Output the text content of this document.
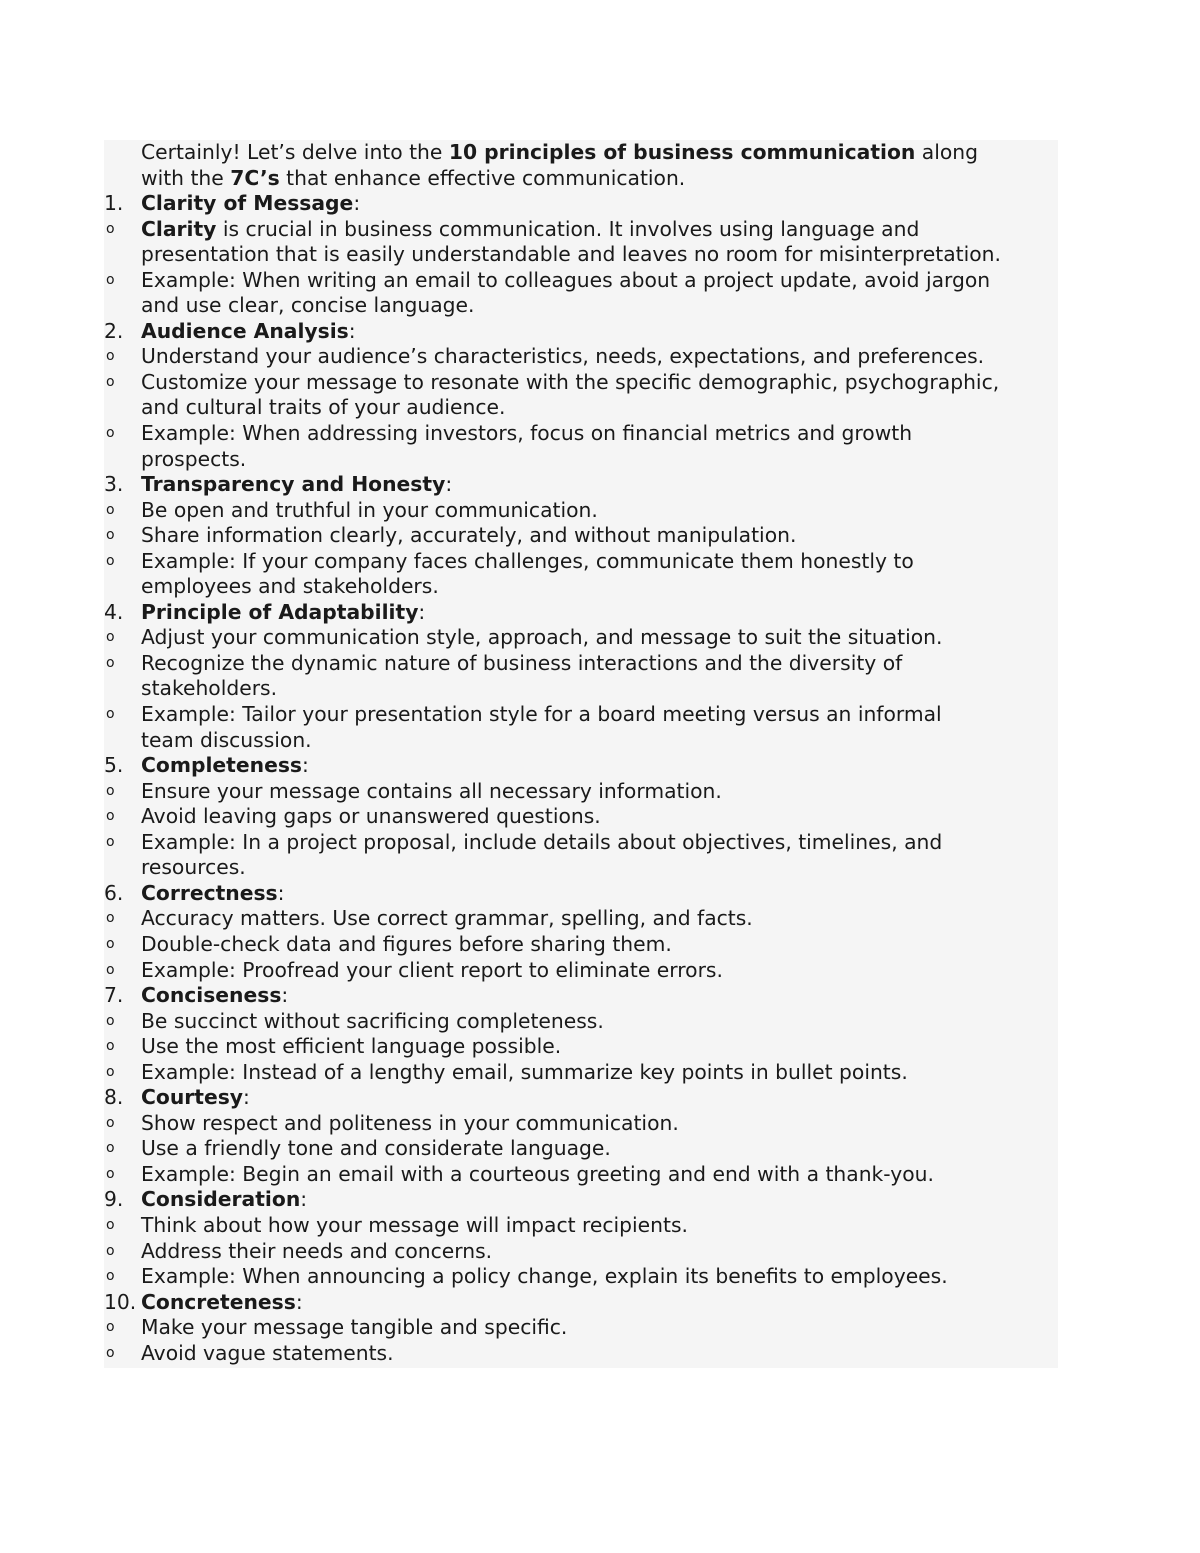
Certainly! Let’s delve into the 10 principles of business communication along
with the 7C’s that enhance effective communication.
1. Clarity of Message:
o Clarity is crucial in business communication. It involves using language and
presentation that is easily understandable and leaves no room for misinterpretation.
o Example: When writing an email to colleagues about a project update, avoid jargon
and use clear, concise language.
2. Audience Analysis:
o Understand your audience’s characteristics, needs, expectations, and preferences.
o Customize your message to resonate with the specific demographic, psychographic,
and cultural traits of your audience.
o Example: When addressing investors, focus on financial metrics and growth
prospects.
3. Transparency and Honesty:
o Be open and truthful in your communication.
o Share information clearly, accurately, and without manipulation.
o Example: If your company faces challenges, communicate them honestly to
employees and stakeholders.
4. Principle of Adaptability:
o Adjust your communication style, approach, and message to suit the situation.
o Recognize the dynamic nature of business interactions and the diversity of
stakeholders.
o Example: Tailor your presentation style for a board meeting versus an informal
team discussion.
5. Completeness:
o Ensure your message contains all necessary information.
o Avoid leaving gaps or unanswered questions.
o Example: In a project proposal, include details about objectives, timelines, and
resources.
6. Correctness:
o Accuracy matters. Use correct grammar, spelling, and facts.
o Double-check data and figures before sharing them.
o Example: Proofread your client report to eliminate errors.
7. Conciseness:
o Be succinct without sacrificing completeness.
o Use the most efficient language possible.
o Example: Instead of a lengthy email, summarize key points in bullet points.
8. Courtesy:
o Show respect and politeness in your communication.
o Use a friendly tone and considerate language.
o Example: Begin an email with a courteous greeting and end with a thank-you.
9. Consideration:
o Think about how your message will impact recipients.
o Address their needs and concerns.
o Example: When announcing a policy change, explain its benefits to employees.
10. Concreteness:
o Make your message tangible and specific.
o Avoid vague statements.
